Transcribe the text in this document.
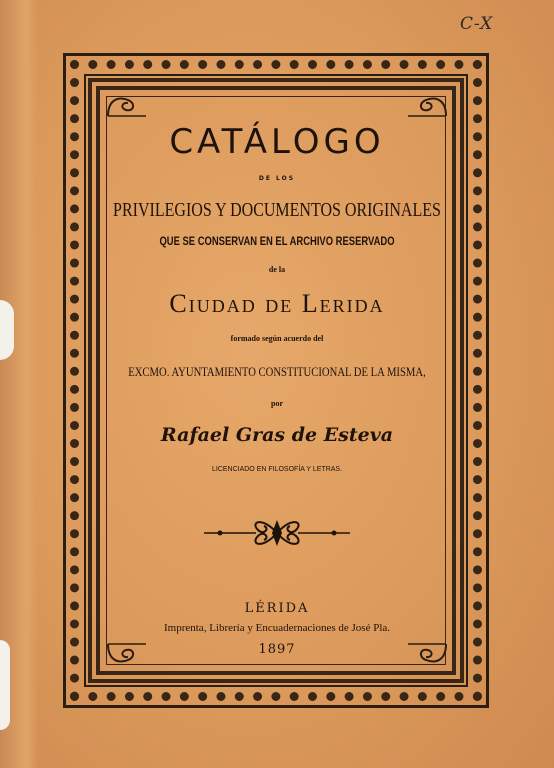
C-X
CATÁLOGO
DE LOS
PRIVILEGIOS Y DOCUMENTOS ORIGINALES
QUE SE CONSERVAN EN EL ARCHIVO RESERVADO
de la
Ciudad de Lerida
formado según acuerdo del
EXCMO. AYUNTAMIENTO CONSTITUCIONAL DE LA MISMA,
por
Rafael Gras de Esteva
LICENCIADO EN FILOSOFÍA Y LETRAS.
LÉRIDA
Imprenta, Librería y Encuadernaciones de José Pla.
1897
